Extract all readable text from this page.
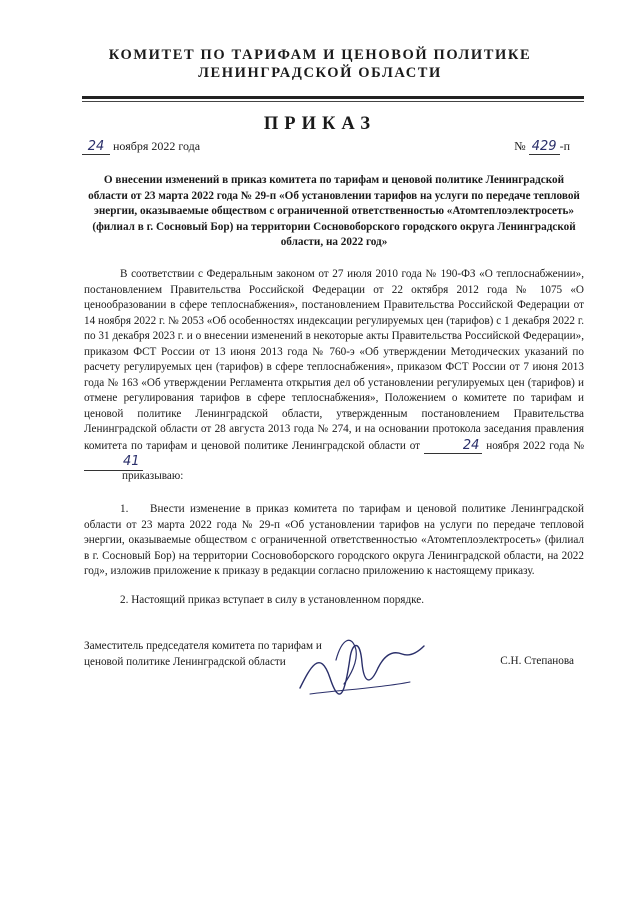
КОМИТЕТ ПО ТАРИФАМ И ЦЕНОВОЙ ПОЛИТИКЕ
ЛЕНИНГРАДСКОЙ ОБЛАСТИ
ПРИКАЗ
24 ноября 2022 года	№ 429 -п
О внесении изменений в приказ комитета по тарифам и ценовой политике Ленинградской области от 23 марта 2022 года № 29-п «Об установлении тарифов на услуги по передаче тепловой энергии, оказываемые обществом с ограниченной ответственностью «Атомтеплоэлектросеть» (филиал в г. Сосновый Бор) на территории Сосновоборского городского округа Ленинградской области, на 2022 год»
В соответствии с Федеральным законом от 27 июля 2010 года № 190-ФЗ «О теплоснабжении», постановлением Правительства Российской Федерации от 22 октября 2012 года № 1075 «О ценообразовании в сфере теплоснабжения», постановлением Правительства Российской Федерации от 14 ноября 2022 г. № 2053 «Об особенностях индексации регулируемых цен (тарифов) с 1 декабря 2022 г. по 31 декабря 2023 г. и о внесении изменений в некоторые акты Правительства Российской Федерации», приказом ФСТ России от 13 июня 2013 года № 760-э «Об утверждении Методических указаний по расчету регулируемых цен (тарифов) в сфере теплоснабжения», приказом ФСТ России от 7 июня 2013 года № 163 «Об утверждении Регламента открытия дел об установлении регулируемых цен (тарифов) и отмене регулирования тарифов в сфере теплоснабжения», Положением о комитете по тарифам и ценовой политике Ленинградской области, утвержденным постановлением Правительства Ленинградской области от 28 августа 2013 года № 274, и на основании протокола заседания правления комитета по тарифам и ценовой политике Ленинградской области от	24 ноября 2022 года № 41
приказываю:
1.    Внести изменение в приказ комитета по тарифам и ценовой политике Ленинградской области от 23 марта 2022 года № 29-п «Об установлении тарифов на услуги по передаче тепловой энергии, оказываемые обществом с ограниченной ответственностью «Атомтеплоэлектросеть» (филиал в г. Сосновый Бор) на территории Сосновоборского городского округа Ленинградской области, на 2022 год», изложив приложение к приказу в редакции согласно приложению к настоящему приказу.
2. Настоящий приказ вступает в силу в установленном порядке.
Заместитель председателя комитета по тарифам и ценовой политике Ленинградской области	С.Н. Степанова
